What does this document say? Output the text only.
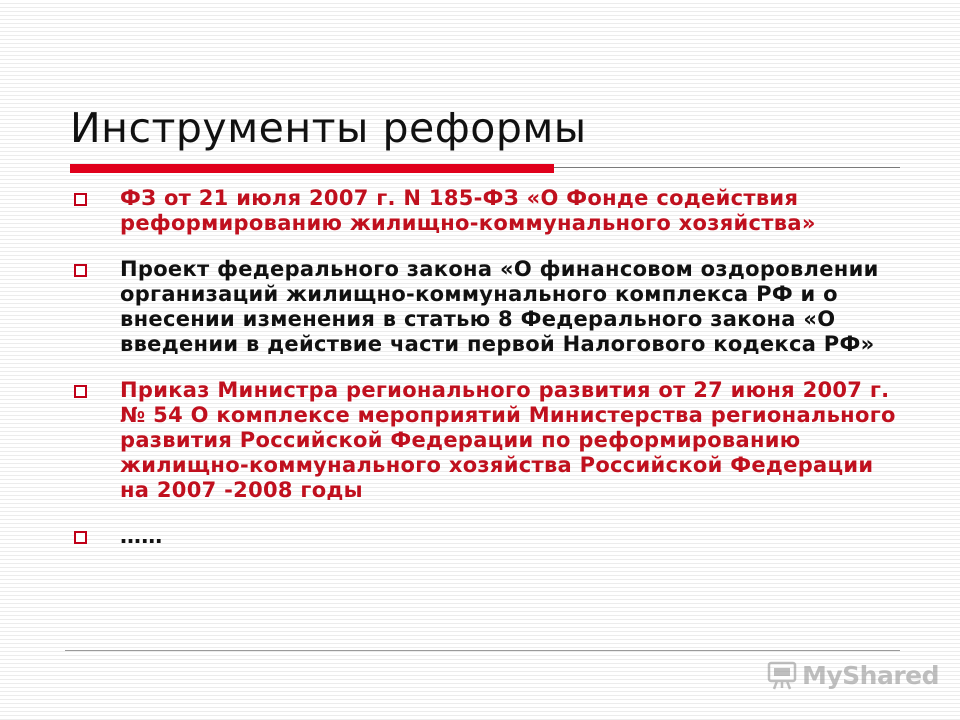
Инструменты реформы

ФЗ от 21 июля 2007 г. N 185-ФЗ «О Фонде содействия реформированию жилищно-коммунального хозяйства»

Проект федерального закона «О финансовом оздоровлении организаций жилищно-коммунального комплекса РФ и о внесении изменения в статью 8 Федерального закона «О введении в действие части первой Налогового кодекса РФ»

Приказ Министра регионального развития от 27 июня 2007 г. № 54 О комплексе мероприятий Министерства регионального развития Российской Федерации по реформированию жилищно-коммунального хозяйства Российской Федерации на 2007 -2008 годы

……

MyShared
